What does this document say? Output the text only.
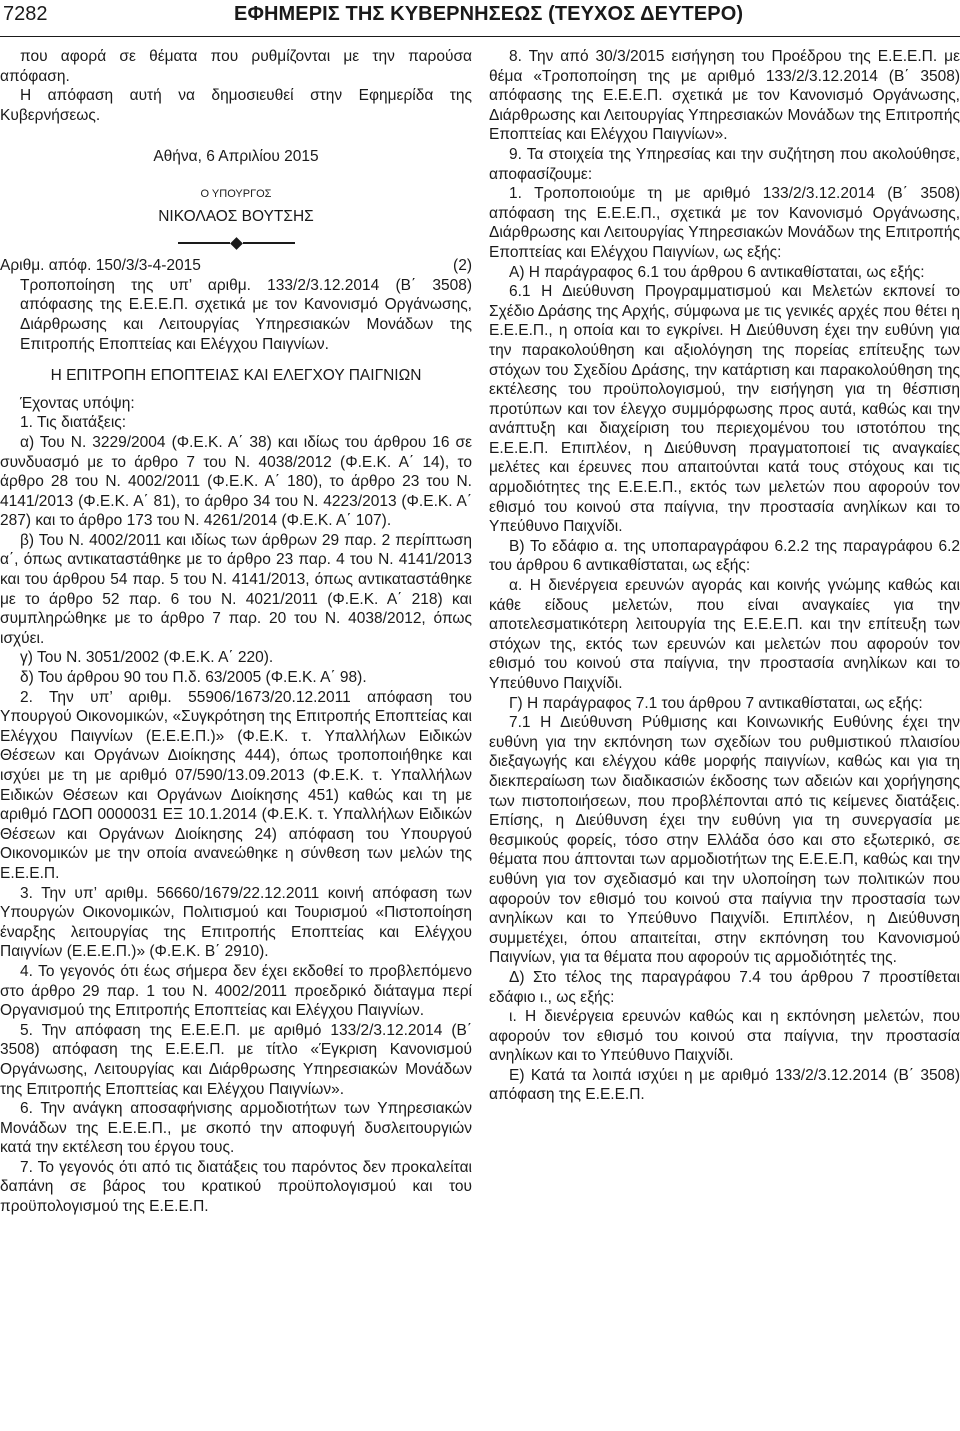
7282	ΕΦΗΜΕΡΙΣ ΤΗΣ ΚΥΒΕΡΝΗΣΕΩΣ (ΤΕΥΧΟΣ ΔΕΥΤΕΡΟ)

που αφορά σε θέματα που ρυθμίζονται με την παρούσα απόφαση.

Η απόφαση αυτή να δημοσιευθεί στην Εφημερίδα της Κυβερνήσεως.

Αθήνα, 6 Απριλίου 2015

Ο ΥΠΟΥΡΓΟΣ

ΝΙΚΟΛΑΟΣ ΒΟΥΤΣΗΣ

Αριθμ. απόφ. 150/3/3-4-2015	(2)
Τροποποίηση της υπ’ αριθμ. 133/2/3.12.2014 (Β΄ 3508) απόφασης της Ε.Ε.Ε.Π. σχετικά με τον Κανονισμό Οργάνωσης, Διάρθρωσης και Λειτουργίας Υπηρεσιακών Μονάδων της Επιτροπής Εποπτείας και Ελέγχου Παιγνίων.

Η ΕΠΙΤΡΟΠΗ ΕΠΟΠΤΕΙΑΣ ΚΑΙ ΕΛΕΓΧΟΥ ΠΑΙΓΝΙΩΝ

Έχοντας υπόψη:

1. Τις διατάξεις:

α) Του Ν. 3229/2004 (Φ.Ε.Κ. Α΄ 38) και ιδίως του άρθρου 16 σε συνδυασμό με το άρθρο 7 του Ν. 4038/2012 (Φ.Ε.Κ. Α΄ 14), το άρθρο 28 του Ν. 4002/2011 (Φ.Ε.Κ. Α΄ 180), το άρθρο 23 του Ν. 4141/2013 (Φ.Ε.Κ. Α΄ 81), το άρθρο 34 του Ν. 4223/2013 (Φ.Ε.Κ. Α΄ 287) και το άρθρο 173 του Ν. 4261/2014 (Φ.Ε.Κ. Α΄ 107).

β) Του Ν. 4002/2011 και ιδίως των άρθρων 29 παρ. 2 περίπτωση α΄, όπως αντικαταστάθηκε με το άρθρο 23 παρ. 4 του Ν. 4141/2013 και του άρθρου 54 παρ. 5 του Ν. 4141/2013, όπως αντικαταστάθηκε με το άρθρο 52 παρ. 6 του Ν. 4021/2011 (Φ.Ε.Κ. Α΄ 218) και συμπληρώθηκε με το άρθρο 7 παρ. 20 του Ν. 4038/2012, όπως ισχύει.

γ) Του Ν. 3051/2002 (Φ.Ε.Κ. Α΄ 220).

δ) Του άρθρου 90 του Π.δ. 63/2005 (Φ.Ε.Κ. Α΄ 98).

2. Την υπ’ αριθμ. 55906/1673/20.12.2011 απόφαση του Υπουργού Οικονομικών, «Συγκρότηση της Επιτροπής Εποπτείας και Ελέγχου Παιγνίων (Ε.Ε.Ε.Π.)» (Φ.Ε.Κ. τ. Υπαλλήλων Ειδικών Θέσεων και Οργάνων Διοίκησης 444), όπως τροποποιήθηκε και ισχύει με τη με αριθμό 07/590/13.09.2013 (Φ.Ε.Κ. τ. Υπαλλήλων Ειδικών Θέσεων και Οργάνων Διοίκησης 451) καθώς και τη με αριθμό ΓΔΟΠ 0000031 ΕΞ 10.1.2014 (Φ.Ε.Κ. τ. Υπαλλήλων Ειδικών Θέσεων και Οργάνων Διοίκησης 24) απόφαση του Υπουργού Οικονομικών με την οποία ανανεώθηκε η σύνθεση των μελών της Ε.Ε.Ε.Π.

3. Την υπ’ αριθμ. 56660/1679/22.12.2011 κοινή απόφαση των Υπουργών Οικονομικών, Πολιτισμού και Τουρισμού «Πιστοποίηση έναρξης λειτουργίας της Επιτροπής Εποπτείας και Ελέγχου Παιγνίων (Ε.Ε.Ε.Π.)» (Φ.Ε.Κ. Β΄ 2910).

4. Το γεγονός ότι έως σήμερα δεν έχει εκδοθεί το προβλεπόμενο στο άρθρο 29 παρ. 1 του Ν. 4002/2011 προεδρικό διάταγμα περί Οργανισμού της Επιτροπής Εποπτείας και Ελέγχου Παιγνίων.

5. Την απόφαση της Ε.Ε.Ε.Π. με αριθμό 133/2/3.12.2014 (Β΄ 3508) απόφαση της Ε.Ε.Ε.Π. με τίτλο «Έγκριση Κανονισμού Οργάνωσης, Λειτουργίας και Διάρθρωσης Υπηρεσιακών Μονάδων της Επιτροπής Εποπτείας και Ελέγχου Παιγνίων».

6. Την ανάγκη αποσαφήνισης αρμοδιοτήτων των Υπηρεσιακών Μονάδων της Ε.Ε.Ε.Π., με σκοπό την αποφυγή δυσλειτουργιών κατά την εκτέλεση του έργου τους.

7. Το γεγονός ότι από τις διατάξεις του παρόντος δεν προκαλείται δαπάνη σε βάρος του κρατικού προϋπολογισμού και του προϋπολογισμού της Ε.Ε.Ε.Π.

8. Την από 30/3/2015 εισήγηση του Προέδρου της Ε.Ε.Ε.Π. με θέμα «Τροποποίηση της με αριθμό 133/2/3.12.2014 (Β΄ 3508) απόφασης της Ε.Ε.Ε.Π. σχετικά με τον Κανονισμό Οργάνωσης, Διάρθρωσης και Λειτουργίας Υπηρεσιακών Μονάδων της Επιτροπής Εποπτείας και Ελέγχου Παιγνίων».

9. Τα στοιχεία της Υπηρεσίας και την συζήτηση που ακολούθησε, αποφασίζουμε:

1. Τροποποιούμε τη με αριθμό 133/2/3.12.2014 (Β΄ 3508) απόφαση της Ε.Ε.Ε.Π., σχετικά με τον Κανονισμό Οργάνωσης, Διάρθρωσης και Λειτουργίας Υπηρεσιακών Μονάδων της Επιτροπής Εποπτείας και Ελέγχου Παιγνίων, ως εξής:

Α) Η παράγραφος 6.1 του άρθρου 6 αντικαθίσταται, ως εξής:

6.1 Η Διεύθυνση Προγραμματισμού και Μελετών εκπονεί το Σχέδιο Δράσης της Αρχής, σύμφωνα με τις γενικές αρχές που θέτει η Ε.Ε.Ε.Π., η οποία και το εγκρίνει. Η Διεύθυνση έχει την ευθύνη για την παρακολούθηση και αξιολόγηση της πορείας επίτευξης των στόχων του Σχεδίου Δράσης, την κατάρτιση και παρακολούθηση της εκτέλεσης του προϋπολογισμού, την εισήγηση για τη θέσπιση προτύπων και τον έλεγχο συμμόρφωσης προς αυτά, καθώς και την ανάπτυξη και διαχείριση του περιεχομένου του ιστοτόπου της Ε.Ε.Ε.Π. Επιπλέον, η Διεύθυνση πραγματοποιεί τις αναγκαίες μελέτες και έρευνες που απαιτούνται κατά τους στόχους και τις αρμοδιότητες της Ε.Ε.Ε.Π., εκτός των μελετών που αφορούν τον εθισμό του κοινού στα παίγνια, την προστασία ανηλίκων και το Υπεύθυνο Παιχνίδι.

Β) Το εδάφιο α. της υποπαραγράφου 6.2.2 της παραγράφου 6.2 του άρθρου 6 αντικαθίσταται, ως εξής:

α. Η διενέργεια ερευνών αγοράς και κοινής γνώμης καθώς και κάθε είδους μελετών, που είναι αναγκαίες για την αποτελεσματικότερη λειτουργία της Ε.Ε.Ε.Π. και την επίτευξη των στόχων της, εκτός των ερευνών και μελετών που αφορούν τον εθισμό του κοινού στα παίγνια, την προστασία ανηλίκων και το Υπεύθυνο Παιχνίδι.

Γ) Η παράγραφος 7.1 του άρθρου 7 αντικαθίσταται, ως εξής:

7.1 Η Διεύθυνση Ρύθμισης και Κοινωνικής Ευθύνης έχει την ευθύνη για την εκπόνηση των σχεδίων του ρυθμιστικού πλαισίου διεξαγωγής και ελέγχου κάθε μορφής παιγνίων, καθώς και για τη διεκπεραίωση των διαδικασιών έκδοσης των αδειών και χορήγησης των πιστοποιήσεων, που προβλέπονται από τις κείμενες διατάξεις. Επίσης, η Διεύθυνση έχει την ευθύνη για τη συνεργασία με θεσμικούς φορείς, τόσο στην Ελλάδα όσο και στο εξωτερικό, σε θέματα που άπτονται των αρμοδιοτήτων της Ε.Ε.Ε.Π, καθώς και την ευθύνη για τον σχεδιασμό και την υλοποίηση των πολιτικών που αφορούν τον εθισμό του κοινού στα παίγνια την προστασία των ανηλίκων και το Υπεύθυνο Παιχνίδι. Επιπλέον, η Διεύθυνση συμμετέχει, όπου απαιτείται, στην εκπόνηση του Κανονισμού Παιγνίων, για τα θέματα που αφορούν τις αρμοδιότητές της.

Δ) Στο τέλος της παραγράφου 7.4 του άρθρου 7 προστίθεται εδάφιο ι., ως εξής:

ι. Η διενέργεια ερευνών καθώς και η εκπόνηση μελετών, που αφορούν τον εθισμό του κοινού στα παίγνια, την προστασία ανηλίκων και το Υπεύθυνο Παιχνίδι.

Ε) Κατά τα λοιπά ισχύει η με αριθμό 133/2/3.12.2014 (Β΄ 3508) απόφαση της Ε.Ε.Ε.Π.
